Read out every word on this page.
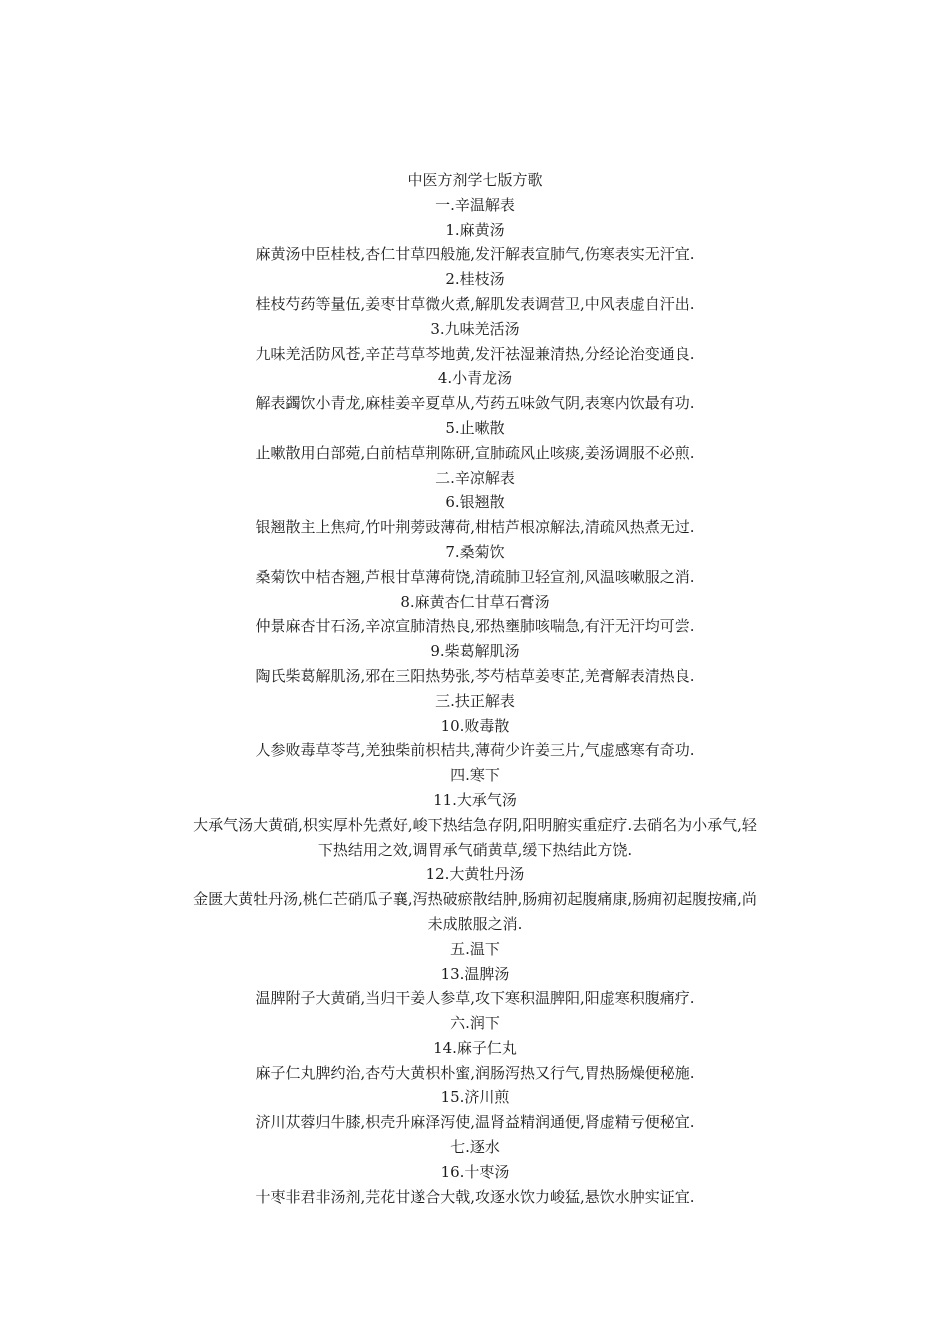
中医方剂学七版方歌

一.辛温解表

1.麻黄汤

麻黄汤中臣桂枝,杏仁甘草四般施,发汗解表宣肺气,伤寒表实无汗宜.

2.桂枝汤

桂枝芍药等量伍,姜枣甘草微火煮,解肌发表调营卫,中风表虚自汗出.

3.九味羌活汤

九味羌活防风苍,辛芷芎草芩地黄,发汗祛湿兼清热,分经论治变通良.

4.小青龙汤

解表蠲饮小青龙,麻桂姜辛夏草从,芍药五味敛气阴,表寒内饮最有功.

5.止嗽散

止嗽散用白部菀,白前桔草荆陈研,宣肺疏风止咳痰,姜汤调服不必煎.

二.辛凉解表

6.银翘散

银翘散主上焦疴,竹叶荆蒡豉薄荷,柑桔芦根凉解法,清疏风热煮无过.

7.桑菊饮

桑菊饮中桔杏翘,芦根甘草薄荷饶,清疏肺卫轻宣剂,风温咳嗽服之消.

8.麻黄杏仁甘草石膏汤

仲景麻杏甘石汤,辛凉宣肺清热良,邪热壅肺咳喘急,有汗无汗均可尝.

9.柴葛解肌汤

陶氏柴葛解肌汤,邪在三阳热势张,芩芍桔草姜枣芷,羌膏解表清热良.

三.扶正解表

10.败毒散

人参败毒草苓芎,羌独柴前枳桔共,薄荷少许姜三片,气虚感寒有奇功.

四.寒下

11.大承气汤

大承气汤大黄硝,枳实厚朴先煮好,峻下热结急存阴,阳明腑实重症疗.去硝名为小承气,轻下热结用之效,调胃承气硝黄草,缓下热结此方饶.

12.大黄牡丹汤

金匮大黄牡丹汤,桃仁芒硝瓜子襄,泻热破瘀散结肿,肠痈初起腹痛康,肠痈初起腹按痛,尚未成脓服之消.

五.温下

13.温脾汤

温脾附子大黄硝,当归干姜人参草,攻下寒积温脾阳,阳虚寒积腹痛疗.

六.润下

14.麻子仁丸

麻子仁丸脾约治,杏芍大黄枳朴蜜,润肠泻热又行气,胃热肠燥便秘施.

15.济川煎

济川苁蓉归牛膝,枳壳升麻泽泻使,温肾益精润通便,肾虚精亏便秘宜.

七.逐水

16.十枣汤

十枣非君非汤剂,芫花甘遂合大戟,攻逐水饮力峻猛,悬饮水肿实证宜.
